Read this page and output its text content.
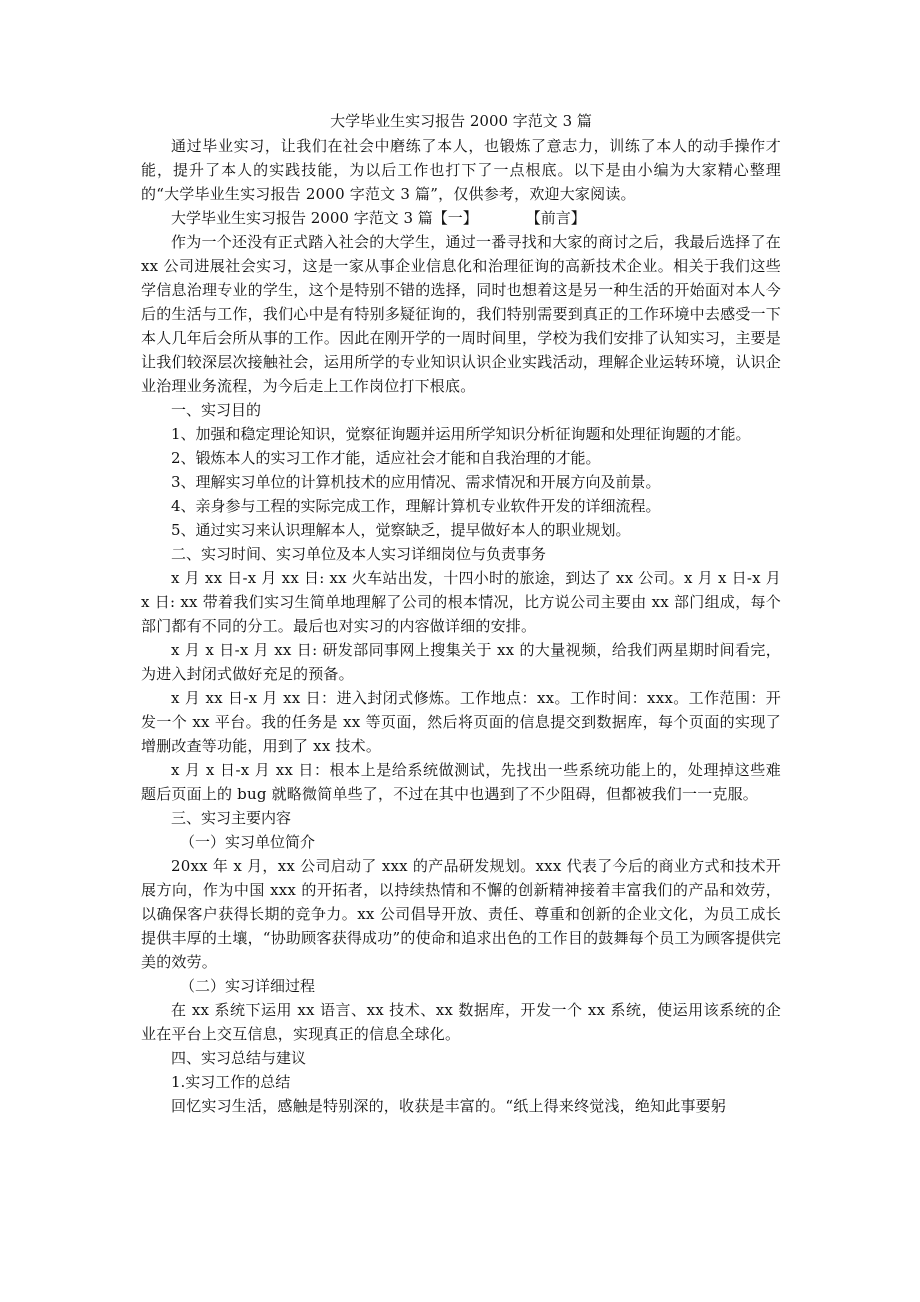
大学毕业生实习报告 2000 字范文 3 篇

通过毕业实习，让我们在社会中磨练了本人，也锻炼了意志力，训练了本人的动手操作才能，提升了本人的实践技能，为以后工作也打下了一点根底。以下是由小编为大家精心整理的“大学毕业生实习报告 2000 字范文 3 篇”，仅供参考，欢迎大家阅读。

大学毕业生实习报告 2000 字范文 3 篇【一】	【前言】

作为一个还没有正式踏入社会的大学生，通过一番寻找和大家的商讨之后，我最后选择了在 xx 公司进展社会实习，这是一家从事企业信息化和治理征询的高新技术企业。相关于我们这些学信息治理专业的学生，这个是特别不错的选择，同时也想着这是另一种生活的开始面对本人今后的生活与工作，我们心中是有特别多疑征询的，我们特别需要到真正的工作环境中去感受一下本人几年后会所从事的工作。因此在刚开学的一周时间里，学校为我们安排了认知实习，主要是让我们较深层次接触社会，运用所学的专业知识认识企业实践活动，理解企业运转环境，认识企业治理业务流程，为今后走上工作岗位打下根底。

一、实习目的

1、加强和稳定理论知识，觉察征询题并运用所学知识分析征询题和处理征询题的才能。

2、锻炼本人的实习工作才能，适应社会才能和自我治理的才能。

3、理解实习单位的计算机技术的应用情况、需求情况和开展方向及前景。

4、亲身参与工程的实际完成工作，理解计算机专业软件开发的详细流程。

5、通过实习来认识理解本人，觉察缺乏，提早做好本人的职业规划。

二、实习时间、实习单位及本人实习详细岗位与负责事务

x 月 xx 日-x 月 xx 日: xx 火车站出发，十四小时的旅途，到达了 xx 公司。x 月 x 日-x 月 x 日: xx 带着我们实习生简单地理解了公司的根本情况，比方说公司主要由 xx 部门组成，每个部门都有不同的分工。最后也对实习的内容做详细的安排。

x 月 x 日-x 月 xx 日: 研发部同事网上搜集关于 xx 的大量视频，给我们两星期时间看完，为进入封闭式做好充足的预备。

x 月 xx 日-x 月 xx 日：进入封闭式修炼。工作地点：xx。工作时间：xxx。工作范围：开发一个 xx 平台。我的任务是 xx 等页面，然后将页面的信息提交到数据库，每个页面的实现了增删改查等功能，用到了 xx 技术。

x 月 x 日-x 月 xx 日：根本上是给系统做测试，先找出一些系统功能上的，处理掉这些难题后页面上的 bug 就略微简单些了，不过在其中也遇到了不少阻碍，但都被我们一一克服。

三、实习主要内容

（一）实习单位简介

20xx 年 x 月，xx 公司启动了 xxx 的产品研发规划。xxx 代表了今后的商业方式和技术开展方向，作为中国 xxx 的开拓者，以持续热情和不懈的创新精神接着丰富我们的产品和效劳，以确保客户获得长期的竞争力。xx 公司倡导开放、责任、尊重和创新的企业文化，为员工成长提供丰厚的土壤，“协助顾客获得成功”的使命和追求出色的工作目的鼓舞每个员工为顾客提供完美的效劳。

（二）实习详细过程

在 xx 系统下运用 xx 语言、xx 技术、xx 数据库，开发一个 xx 系统，使运用该系统的企业在平台上交互信息，实现真正的信息全球化。

四、实习总结与建议

1.实习工作的总结

回忆实习生活，感触是特别深的，收获是丰富的。“纸上得来终觉浅，绝知此事要躬
